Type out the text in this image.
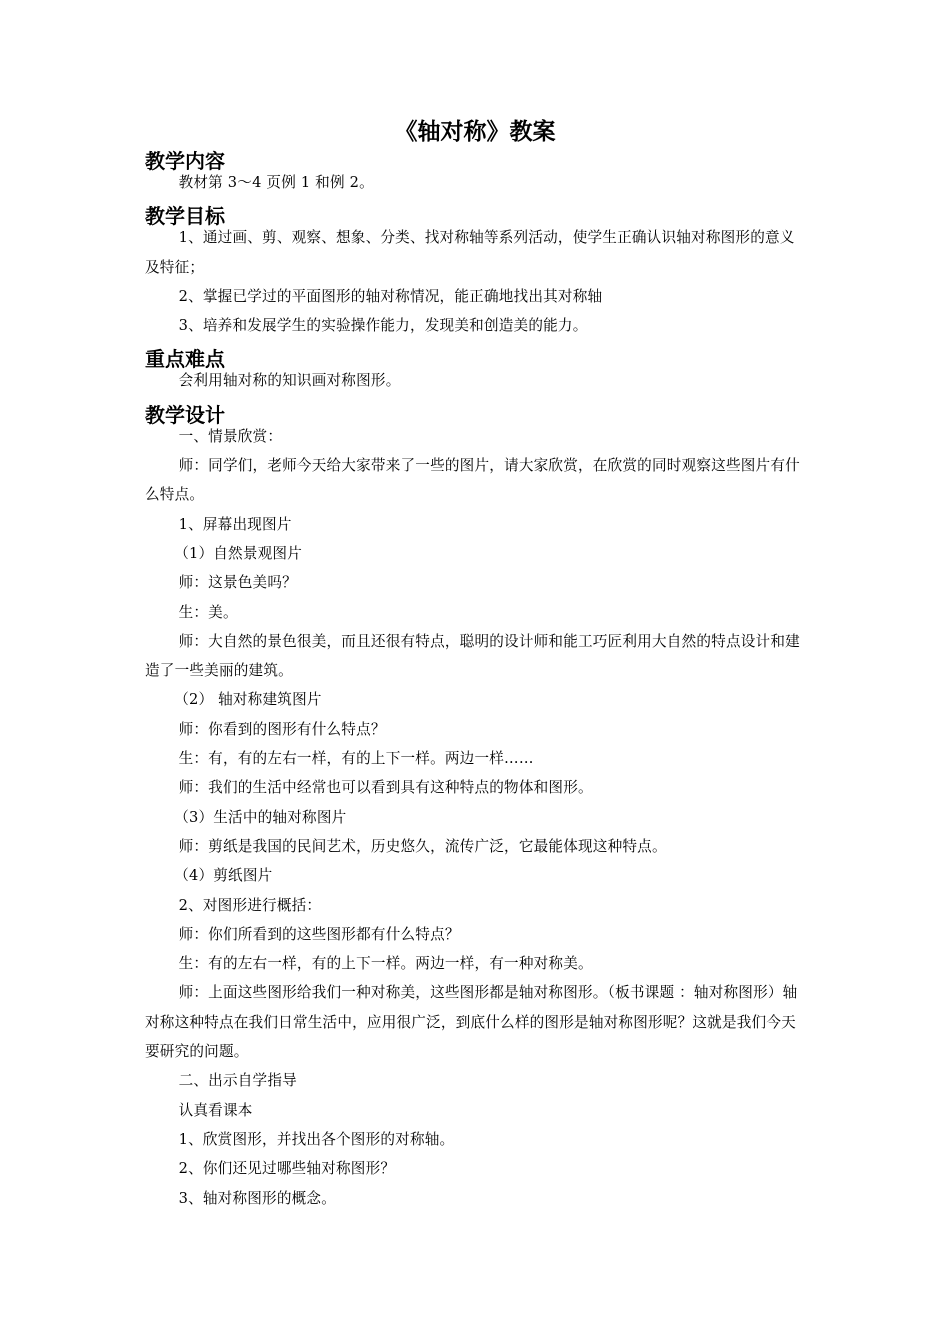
《轴对称》教案
教学内容

教材第 3～4 页例 1 和例 2。

教学目标

1、通过画、剪、观察、想象、分类、找对称轴等系列活动，使学生正确认识轴对称图形的意义及特征；

2、掌握已学过的平面图形的轴对称情况，能正确地找出其对称轴

3、培养和发展学生的实验操作能力，发现美和创造美的能力。

重点难点

会利用轴对称的知识画对称图形。

教学设计

一、情景欣赏：

师：同学们，老师今天给大家带来了一些的图片，请大家欣赏，在欣赏的同时观察这些图片有什么特点。

1、屏幕出现图片

（1）自然景观图片

师：这景色美吗？

生：美。

师：大自然的景色很美，而且还很有特点，聪明的设计师和能工巧匠利用大自然的特点设计和建造了一些美丽的建筑。

（2） 轴对称建筑图片

师：你看到的图形有什么特点？

生：有，有的左右一样，有的上下一样。两边一样……

师：我们的生活中经常也可以看到具有这种特点的物体和图形。

（3）生活中的轴对称图片

师：剪纸是我国的民间艺术，历史悠久，流传广泛，它最能体现这种特点。

（4）剪纸图片

2、对图形进行概括：

师：你们所看到的这些图形都有什么特点？

生：有的左右一样，有的上下一样。两边一样，有一种对称美。

师：上面这些图形给我们一种对称美，这些图形都是轴对称图形。（板书课题 ：轴对称图形）轴对称这种特点在我们日常生活中，应用很广泛，到底什么样的图形是轴对称图形呢？这就是我们今天要研究的问题。

二、出示自学指导

认真看课本

1、欣赏图形，并找出各个图形的对称轴。

2、你们还见过哪些轴对称图形？

3、轴对称图形的概念。
